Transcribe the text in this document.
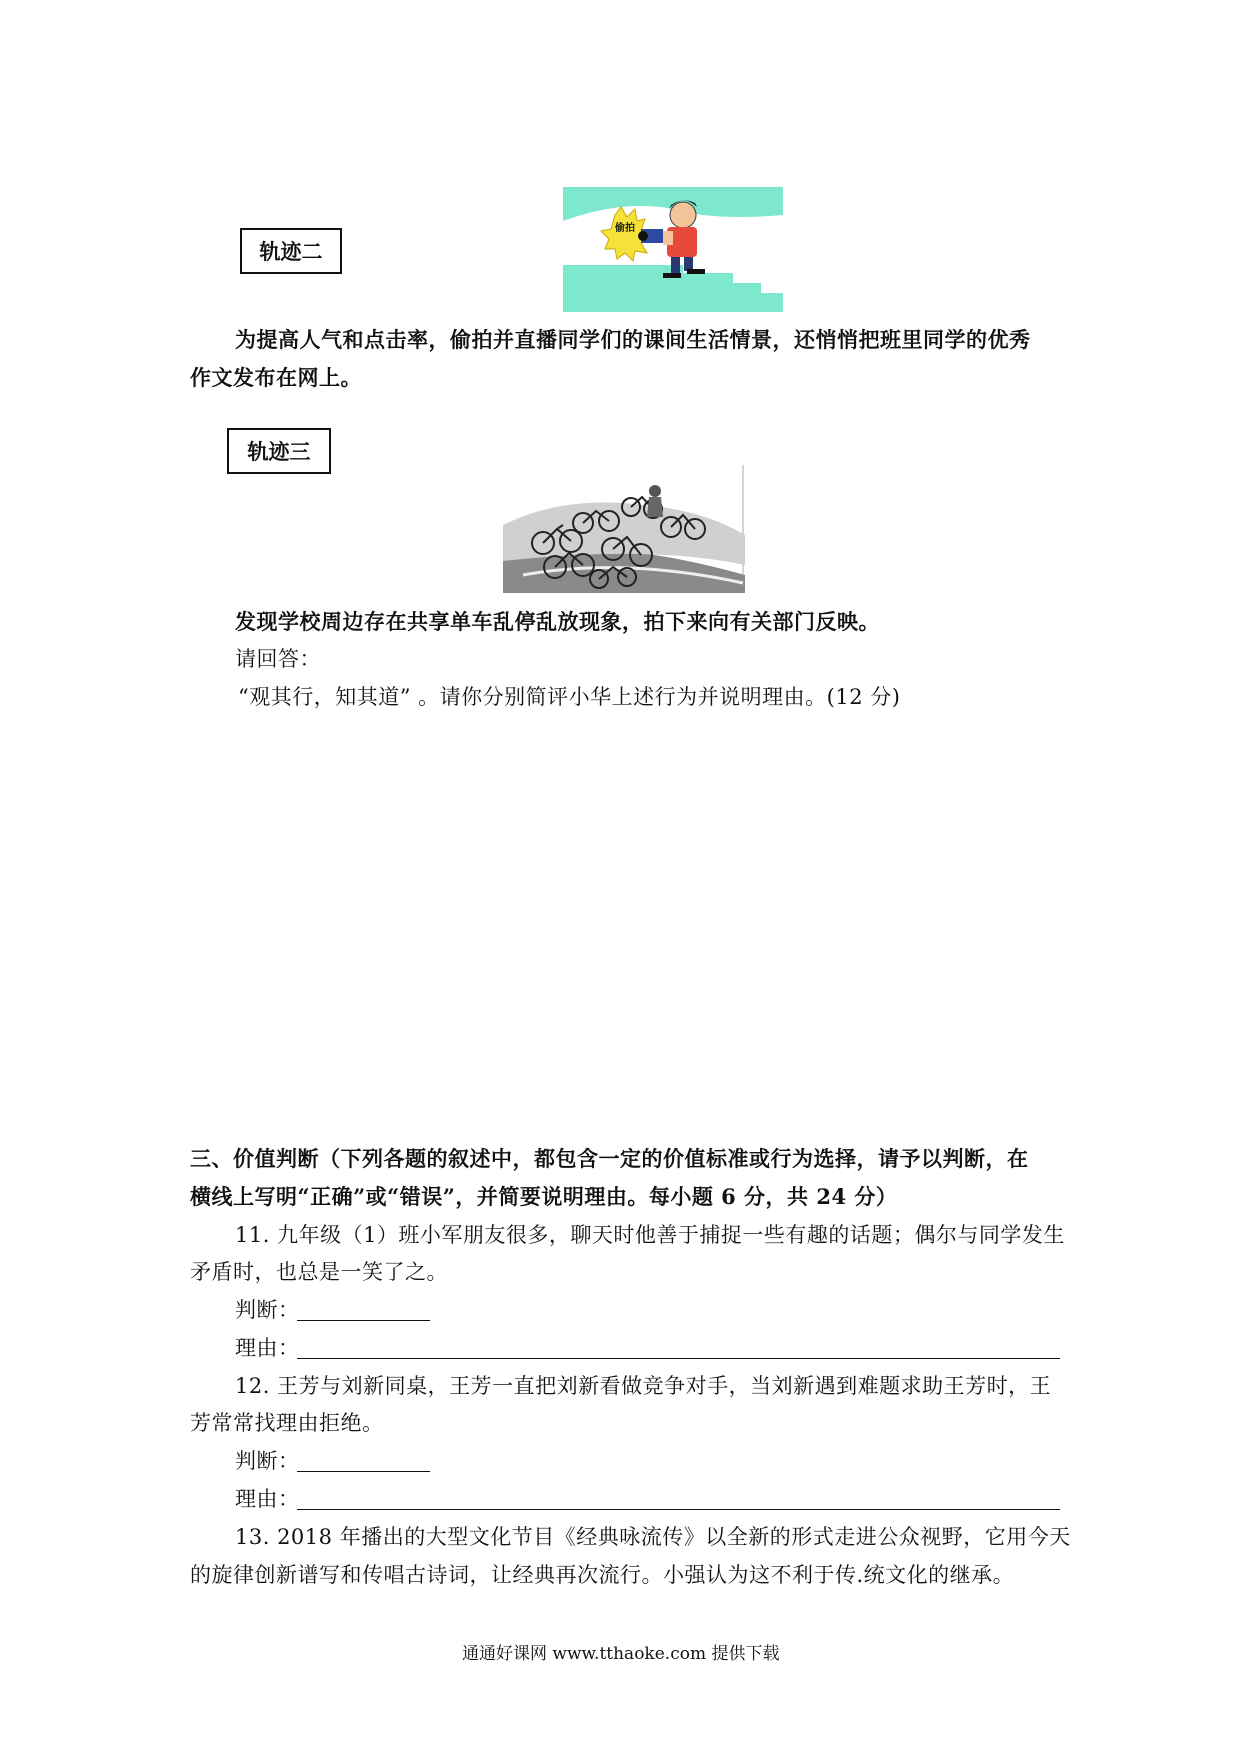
轨迹二
偷拍
为提高人气和点击率，偷拍并直播同学们的课间生活情景，还悄悄把班里同学的优秀
作文发布在网上。
轨迹三
发现学校周边存在共享单车乱停乱放现象，拍下来向有关部门反映。
请回答：
“观其行，知其道” 。请你分别简评小华上述行为并说明理由。(12 分)
三、价值判断（下列各题的叙述中，都包含一定的价值标准或行为选择，请予以判断，在
横线上写明“正确”或“错误”，并简要说明理由。每小题 6 分，共 24 分）
11. 九年级（1）班小军朋友很多，聊天时他善于捕捉一些有趣的话题；偶尔与同学发生
矛盾时，也总是一笑了之。
判断：
理由：
12. 王芳与刘新同桌，王芳一直把刘新看做竞争对手，当刘新遇到难题求助王芳时，王
芳常常找理由拒绝。
判断：
理由：
13. 2018 年播出的大型文化节目《经典咏流传》以全新的形式走进公众视野，它用今天
的旋律创新谱写和传唱古诗词，让经典再次流行。小强认为这不利于传.统文化的继承。
通通好课网 www.tthaoke.com 提供下载
